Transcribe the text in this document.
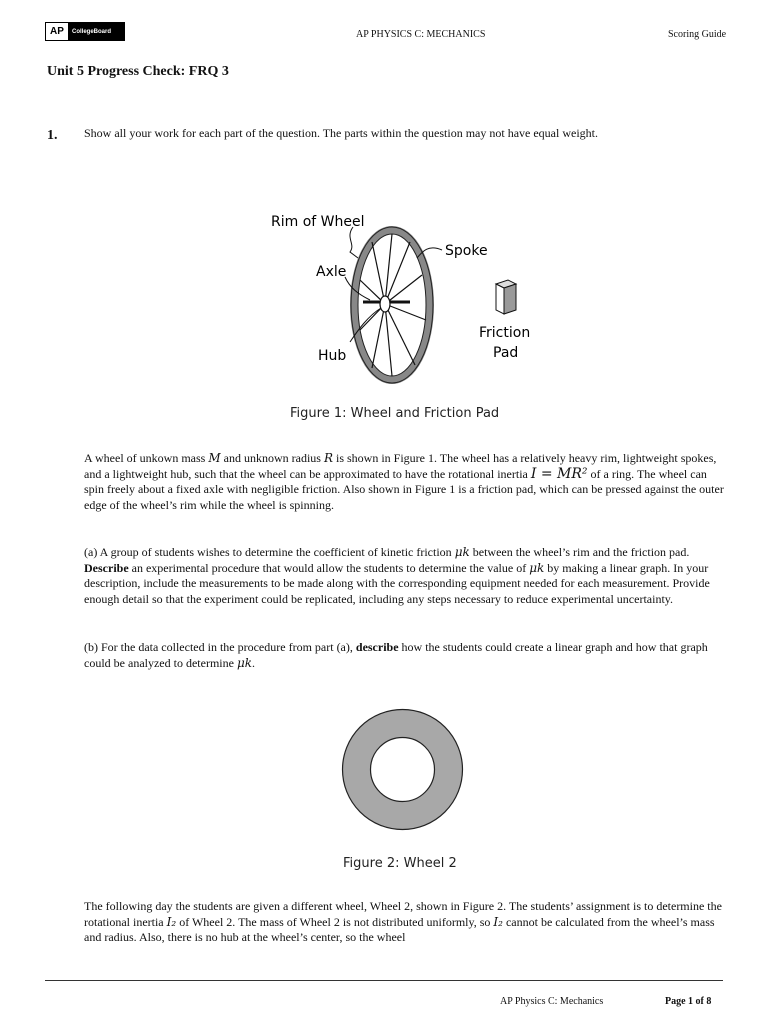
AP	CollegeBoard	AP PHYSICS C: MECHANICS	Scoring Guide
Unit 5 Progress Check: FRQ 3
1. Show all your work for each part of the question. The parts within the question may not have equal weight.
Rim of Wheel
Spoke
Axle
Hub
Friction
Pad
Figure 1: Wheel and Friction Pad
A wheel of unkown mass M and unknown radius R is shown in Figure 1. The wheel has a relatively heavy rim, lightweight spokes, and a lightweight hub, such that the wheel can be approximated to have the rotational inertia I = MR² of a ring. The wheel can spin freely about a fixed axle with negligible friction. Also shown in Figure 1 is a friction pad, which can be pressed against the outer edge of the wheel’s rim while the wheel is spinning.
(a) A group of students wishes to determine the coefficient of kinetic friction μk between the wheel’s rim and the friction pad. Describe an experimental procedure that would allow the students to determine the value of μk by making a linear graph. In your description, include the measurements to be made along with the corresponding equipment needed for each measurement. Provide enough detail so that the experiment could be replicated, including any steps necessary to reduce experimental uncertainty.
(b) For the data collected in the procedure from part (a), describe how the students could create a linear graph and how that graph could be analyzed to determine μk.
Figure 2: Wheel 2
The following day the students are given a different wheel, Wheel 2, shown in Figure 2. The students’ assignment is to determine the rotational inertia I₂ of Wheel 2. The mass of Wheel 2 is not distributed uniformly, so I₂ cannot be calculated from the wheel’s mass and radius. Also, there is no hub at the wheel’s center, so the wheel
AP Physics C: Mechanics	Page 1 of 8
